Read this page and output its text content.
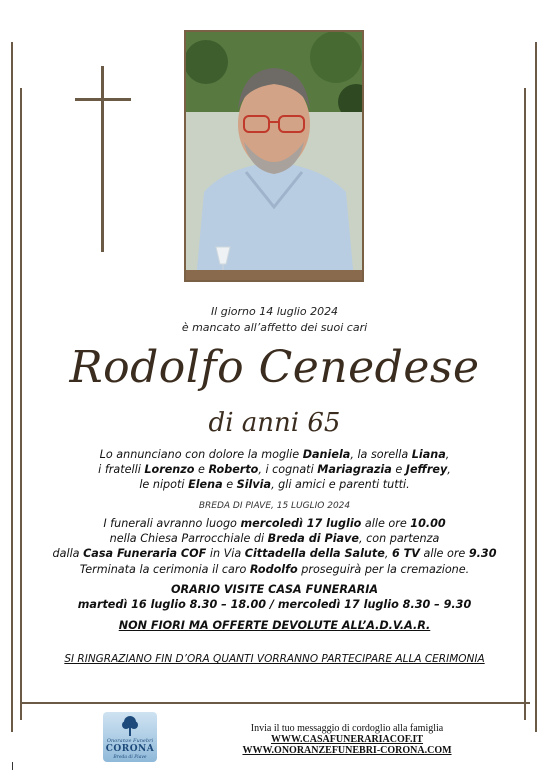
Il giorno 14 luglio 2024
è mancato all’affetto dei suoi cari
Rodolfo Cenedese
di anni 65
Lo annunciano con dolore la moglie Daniela, la sorella Liana,
i fratelli Lorenzo e Roberto, i cognati Mariagrazia e Jeffrey,
le nipoti Elena e Silvia, gli amici e parenti tutti.
BREDA DI PIAVE, 15 LUGLIO 2024
I funerali avranno luogo mercoledì 17 luglio alle ore 10.00
nella Chiesa Parrocchiale di Breda di Piave, con partenza
dalla Casa Funeraria COF in Via Cittadella della Salute, 6 TV alle ore 9.30
Terminata la cerimonia il caro Rodolfo proseguirà per la cremazione.
ORARIO VISITE CASA FUNERARIA
martedì 16 luglio 8.30 – 18.00 / mercoledì 17 luglio 8.30 – 9.30
NON FIORI MA OFFERTE DEVOLUTE ALL’A.D.V.A.R.
SI RINGRAZIANO FIN D’ORA QUANTI VORRANNO PARTECIPARE ALLA CERIMONIA
Onoranze Funebri
CORONA
Breda di Piave
Invia il tuo messaggio di cordoglio alla famiglia
WWW.CASAFUNERARIACOF.IT
WWW.ONORANZEFUNEBRI-CORONA.COM
